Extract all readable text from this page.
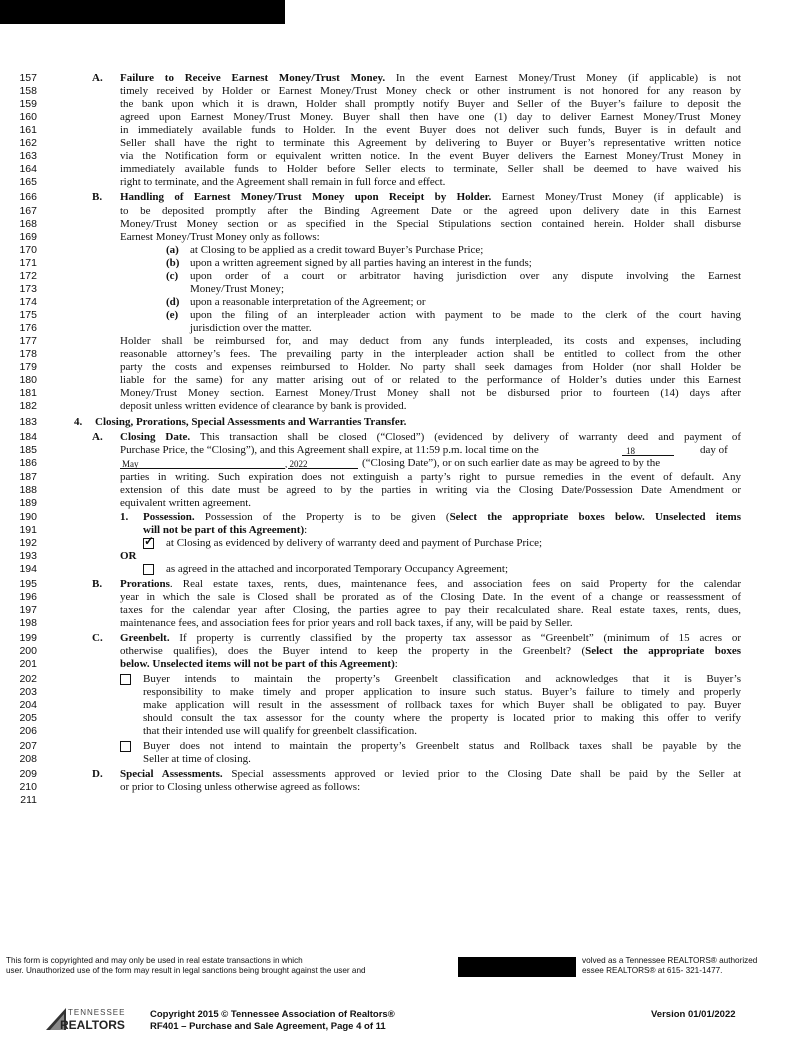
157	A. Failure to Receive Earnest Money/Trust Money. In the event Earnest Money/Trust Money (if applicable) is not
158	timely received by Holder or Earnest Money/Trust Money check or other instrument is not honored for any reason by
159	the bank upon which it is drawn, Holder shall promptly notify Buyer and Seller of the Buyer’s failure to deposit the
160	agreed upon Earnest Money/Trust Money. Buyer shall then have one (1) day to deliver Earnest Money/Trust Money
161	in immediately available funds to Holder. In the event Buyer does not deliver such funds, Buyer is in default and
162	Seller shall have the right to terminate this Agreement by delivering to Buyer or Buyer’s representative written notice
163	via the Notification form or equivalent written notice. In the event Buyer delivers the Earnest Money/Trust Money in
164	immediately available funds to Holder before Seller elects to terminate, Seller shall be deemed to have waived his
165	right to terminate, and the Agreement shall remain in full force and effect.
166	B. Handling of Earnest Money/Trust Money upon Receipt by Holder. Earnest Money/Trust Money (if applicable) is
167	to be deposited promptly after the Binding Agreement Date or the agreed upon delivery date in this Earnest
168	Money/Trust Money section or as specified in the Special Stipulations section contained herein. Holder shall disburse
169	Earnest Money/Trust Money only as follows:
170	(a) at Closing to be applied as a credit toward Buyer’s Purchase Price;
171	(b) upon a written agreement signed by all parties having an interest in the funds;
172	(c) upon order of a court or arbitrator having jurisdiction over any dispute involving the Earnest
173	Money/Trust Money;
174	(d) upon a reasonable interpretation of the Agreement; or
175	(e) upon the filing of an interpleader action with payment to be made to the clerk of the court having
176	jurisdiction over the matter.
177	Holder shall be reimbursed for, and may deduct from any funds interpleaded, its costs and expenses, including
178	reasonable attorney’s fees. The prevailing party in the interpleader action shall be entitled to collect from the other
179	party the costs and expenses reimbursed to Holder. No party shall seek damages from Holder (nor shall Holder be
180	liable for the same) for any matter arising out of or related to the performance of Holder’s duties under this Earnest
181	Money/Trust Money section. Earnest Money/Trust Money shall not be disbursed prior to fourteen (14) days after
182	deposit unless written evidence of clearance by bank is provided.
183	4. Closing, Prorations, Special Assessments and Warranties Transfer.
184	A. Closing Date. This transaction shall be closed (“Closed”) (evidenced by delivery of warranty deed and payment of
185
186
187	parties in writing. Such expiration does not extinguish a party’s right to pursue remedies in the event of default. Any
188	extension of this date must be agreed to by the parties in writing via the Closing Date/Possession Date Amendment or
189	equivalent written agreement.
190	1. Possession. Possession of the Property is to be given (Select the appropriate boxes below. Unselected items
191	will not be part of this Agreement):
192 ✓	at Closing as evidenced by delivery of warranty deed and payment of Purchase Price;
193	OR
194	as agreed in the attached and incorporated Temporary Occupancy Agreement;
195	B. Prorations. Real estate taxes, rents, dues, maintenance fees, and association fees on said Property for the calendar
196	year in which the sale is Closed shall be prorated as of the Closing Date. In the event of a change or reassessment of
197	taxes for the calendar year after Closing, the parties agree to pay their recalculated share. Real estate taxes, rents, dues,
198	maintenance fees, and association fees for prior years and roll back taxes, if any, will be paid by Seller.
199	C. Greenbelt. If property is currently classified by the property tax assessor as “Greenbelt” (minimum of 15 acres or
200	otherwise qualifies), does the Buyer intend to keep the property in the Greenbelt? (Select the appropriate boxes
201	below. Unselected items will not be part of this Agreement):
202	Buyer intends to maintain the property’s Greenbelt classification and acknowledges that it is Buyer’s
203	responsibility to make timely and proper application to insure such status. Buyer’s failure to timely and properly
204	make application will result in the assessment of rollback taxes for which Buyer shall be obligated to pay. Buyer
205	should consult the tax assessor for the county where the property is located prior to making this offer to verify
206	that their intended use will qualify for greenbelt classification.
207	Buyer does not intend to maintain the property’s Greenbelt status and Rollback taxes shall be payable by the
208	Seller at time of closing.
209	D. Special Assessments. Special assessments approved or levied prior to the Closing Date shall be paid by the Seller at
210	or prior to Closing unless otherwise agreed as follows:
211
Purchase Price, the “Closing”), and this Agreement shall expire, at 11:59 p.m. local time on the	18	day of
May	, 2022	(“Closing Date”), or on such earlier date as may be agreed to by the
This form is copyrighted and may only be used in real estate transactions in which	volved as a Tennessee REALTORS® authorized
user. Unauthorized use of the form may result in legal sanctions being brought against the user and	essee REALTORS® at 615- 321-1477.
TENNESSEE
REALTORS
Copyright 2015 © Tennessee Association of Realtors®
RF401 – Purchase and Sale Agreement, Page 4 of 11
Version 01/01/2022
